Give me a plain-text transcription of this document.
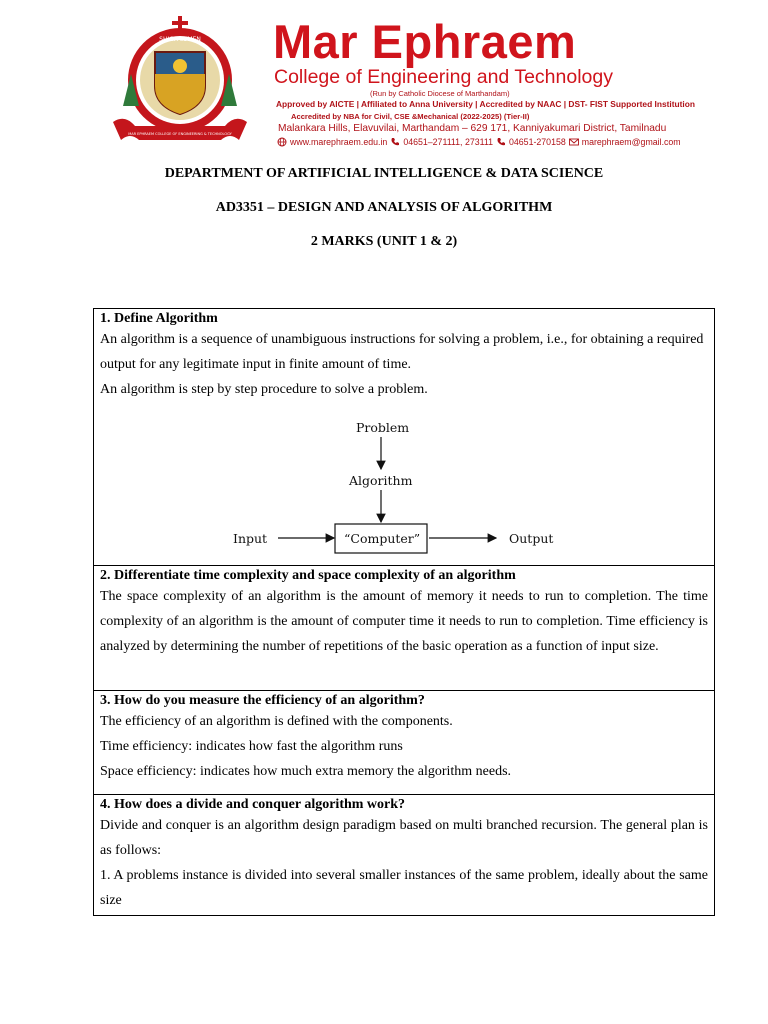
SHIGA LUMEN
MAR EPHRAEM COLLEGE OF ENGINEERING & TECHNOLOGY
Mar Ephraem

College of Engineering and Technology

(Run by Catholic Diocese of Marthandam)
Approved by AICTE | Affiliated to Anna University | Accredited by NAAC | DST- FIST Supported Institution
Accredited by NBA for Civil, CSE &Mechanical (2022-2025) (Tier-II)
Malankara Hills, Elavuvilai, Marthandam – 629 171, Kanniyakumari District, Tamilnadu
www.marephraem.edu.in 04651–271111, 273111 04651-270158 marephraem@gmail.com
DEPARTMENT OF ARTIFICIAL INTELLIGENCE & DATA SCIENCE
AD3351 – DESIGN AND ANALYSIS OF ALGORITHM
2 MARKS (UNIT 1 & 2)

1. Define Algorithm

An algorithm is a sequence of unambiguous instructions for solving a problem, i.e., for obtaining a required output for any legitimate input in finite amount of time.

An algorithm is step by step procedure to solve a problem.

Problem
Algorithm
“Computer”
Input	Output

2. Differentiate time complexity and space complexity of an algorithm

The space complexity of an algorithm is the amount of memory it needs to run to completion. The time complexity of an algorithm is the amount of computer time it needs to run to completion. Time efficiency is analyzed by determining the number of repetitions of the basic operation as a function of input size.

3. How do you measure the efficiency of an algorithm?

The efficiency of an algorithm is defined with the components.

Time efficiency: indicates how fast the algorithm runs

Space efficiency: indicates how much extra memory the algorithm needs.

4. How does a divide and conquer algorithm work?

Divide and conquer is an algorithm design paradigm based on multi branched recursion. The general plan is as follows:

1. A problems instance is divided into several smaller instances of the same problem, ideally about the same size
